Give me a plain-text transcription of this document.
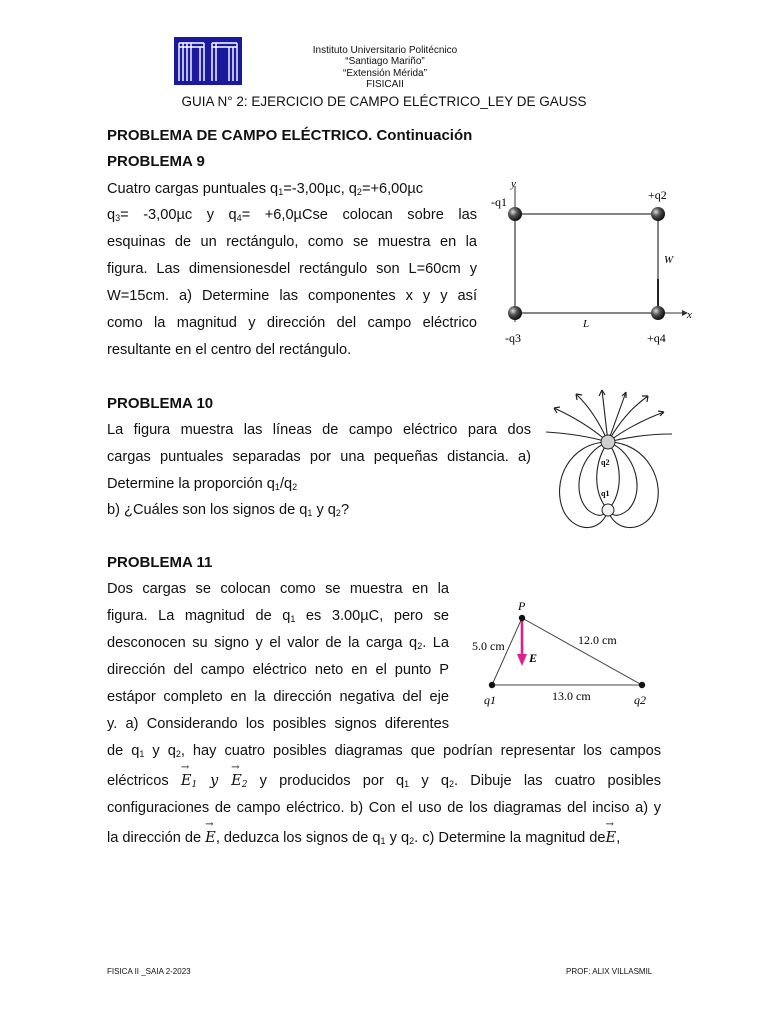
Instituto Universitario Politécnico
“Santiago Mariño”
“Extensión Mérida”
FISICAII
GUIA N° 2: EJERCICIO DE CAMPO ELÉCTRICO_LEY DE GAUSS
PROBLEMA DE CAMPO ELÉCTRICO. Continuación
PROBLEMA 9
Cuatro cargas puntuales $q_1=-3,00\mu c$, $q_2=+6,00\mu c$
$q_3= -3,00\mu c$ y $q_4= +6,0\mu Cse$ colocan sobre las
esquinas de un rectángulo, como se muestra en la
figura. Las dimensionesdel rectángulo son L=60cm y
W=15cm. a) Determine las componentes x y y así
como la magnitud y dirección del campo eléctrico
resultante en el centro del rectángulo.
y
x
-q1	+q2
-q3	+q4
W
L
PROBLEMA 10
La figura muestra las líneas de campo eléctrico para dos
cargas puntuales separadas por una pequeñas distancia. a)
Determine la proporción $q_1/q_2$
b) ¿Cuáles son los signos de $q_1$ y $q_2$?
q2
q1
PROBLEMA 11
Dos cargas se colocan como se muestra en la
figura. La magnitud de $q_1$ es 3.00µC, pero se
desconocen su signo y el valor de la carga $q_2$. La
dirección del campo eléctrico neto en el punto P
estápor completo en la dirección negativa del eje
y. a) Considerando los posibles signos diferentes
de $q_1$ y $q_2$, hay cuatro posibles diagramas que podrían representar los campos
eléctricos → $E_1$ $y \to E_2$ y producidos por $q_1$ y $q_2$. Dibuje las cuatro posibles
configuraciones de campo eléctrico. b) Con el uso de los diagramas del inciso a) y
la dirección de → E, deduzca los signos de $q_1$ y $q_2$. c) Determine la magnitud de→ E,
P
5.0 cm	12.0 cm
13.0 cm
E
q1	q2
FISICA II _SAIA 2-2023	PROF: ALIX VILLASMIL
